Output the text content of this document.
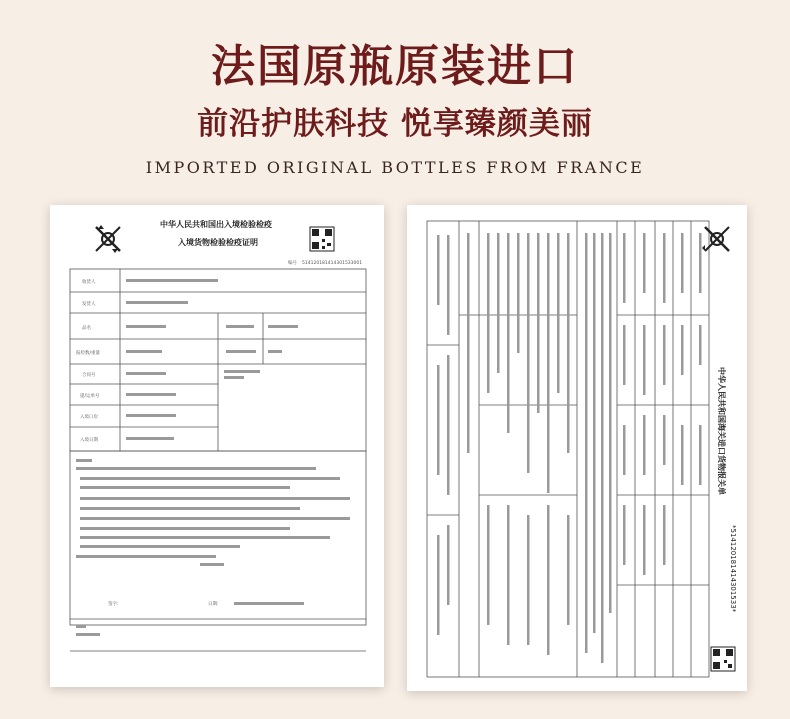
法国原瓶原装进口
前沿护肤科技 悦享臻颜美丽
IMPORTED ORIGINAL BOTTLES FROM FRANCE
中华人民共和国出入境检验检疫
入境货物检验检疫证明
编号 514120181414301533001
收货人
发货人
品名
报检数/重量
合同号
提/运单号
入境口岸
入境日期
签字:	日期:
中华人民共和国海关进口货物报关单
*514120181414301533*
